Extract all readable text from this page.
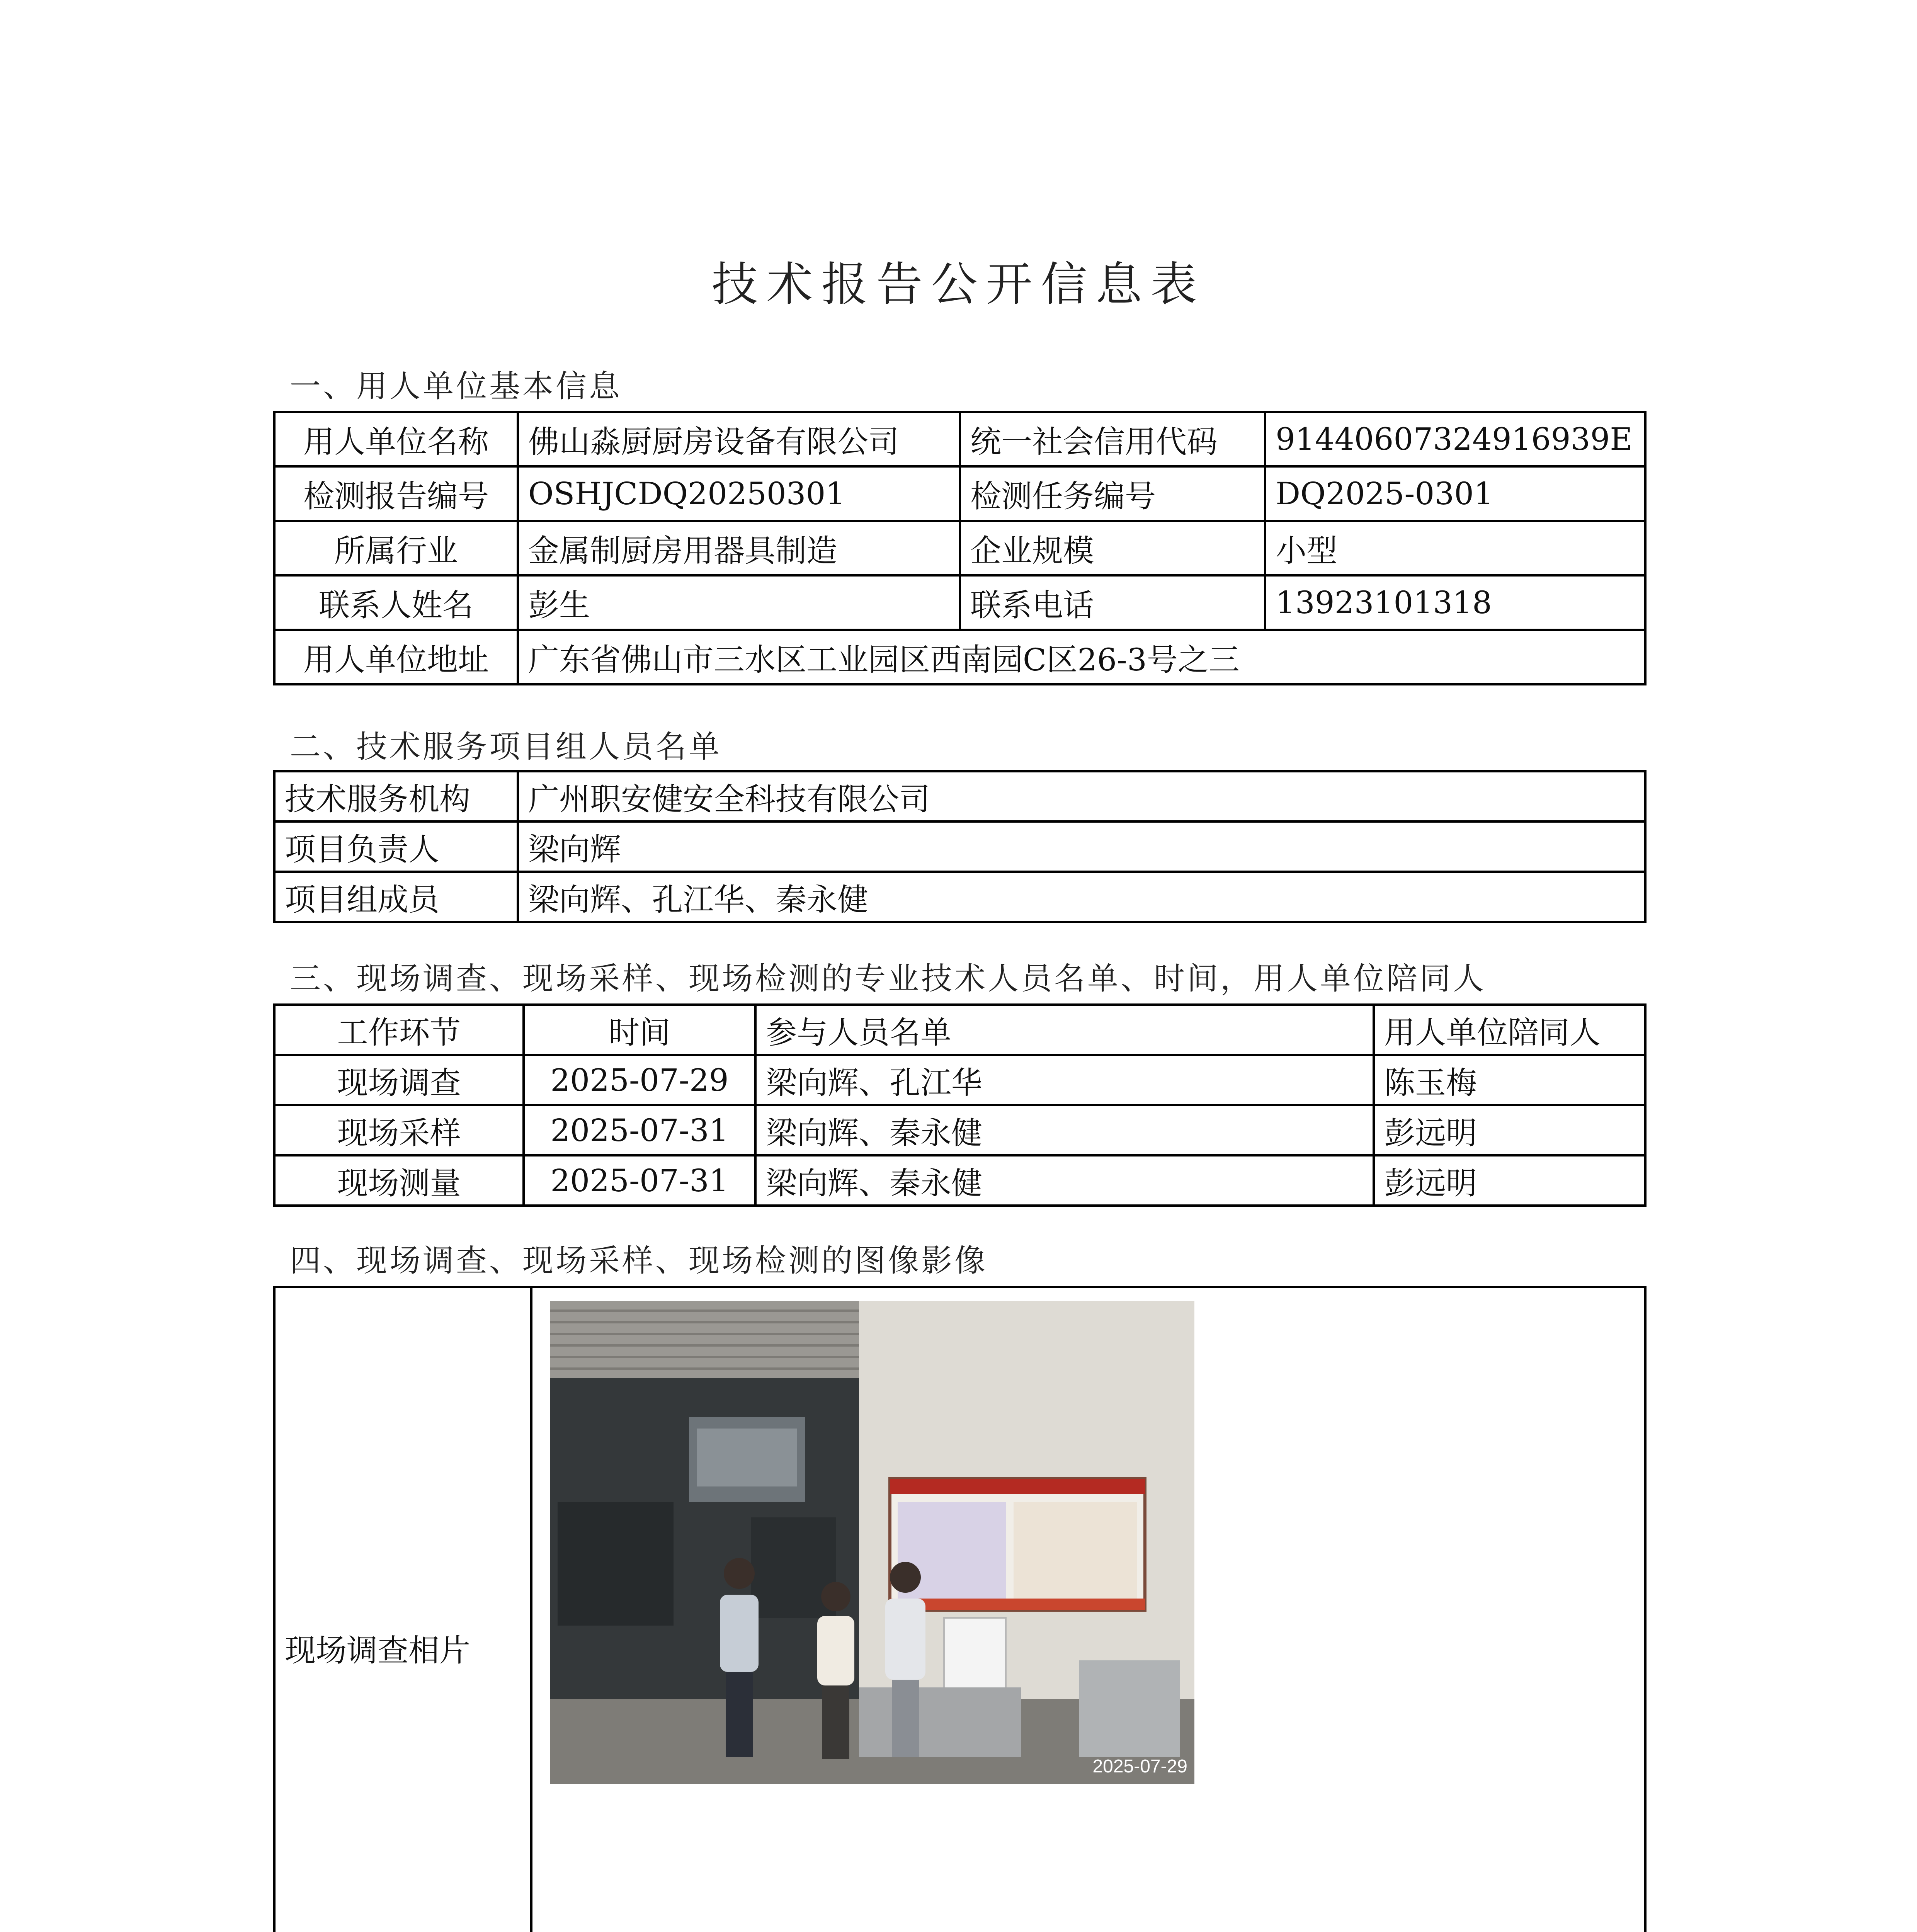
技术报告公开信息表
一、用人单位基本信息
用人单位名称	佛山淼厨厨房设备有限公司	统一社会信用代码	91440607324916939E
检测报告编号	OSHJCDQ20250301	检测任务编号	DQ2025-0301
所属行业	金属制厨房用器具制造	企业规模	小型
联系人姓名	彭生	联系电话	13923101318
用人单位地址	广东省佛山市三水区工业园区西南园C区26-3号之三		
二、技术服务项目组人员名单
技术服务机构	广州职安健安全科技有限公司
项目负责人	梁向辉
项目组成员	梁向辉、孔江华、秦永健
三、现场调查、现场采样、现场检测的专业技术人员名单、时间，用人单位陪同人
工作环节	时间	参与人员名单	用人单位陪同人
现场调查	2025-07-29	梁向辉、孔江华	陈玉梅
现场采样	2025-07-31	梁向辉、秦永健	彭远明
现场测量	2025-07-31	梁向辉、秦永健	彭远明
四、现场调查、现场采样、现场检测的图像影像
现场调查相片	
2025-07-29
